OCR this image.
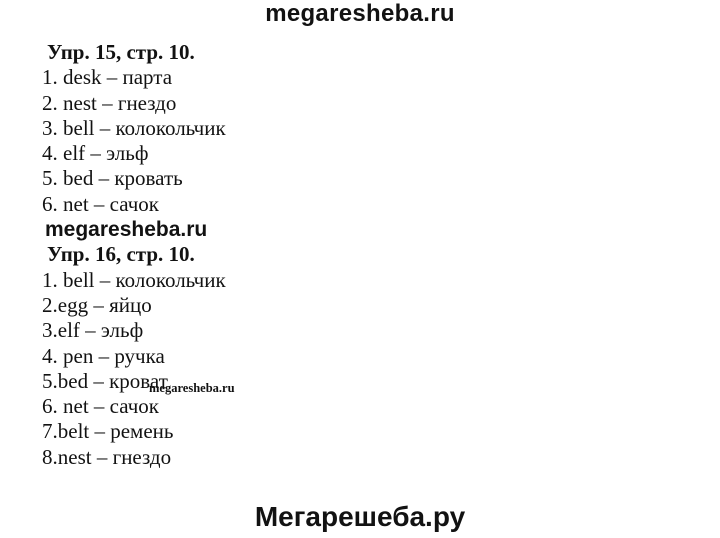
megaresheba.ru
Упр. 15, стр. 10.
1. desk – парта
2. nest – гнездо
3. bell – колокольчик
4. elf – эльф
5. bed – кровать
6. net – сачок
megaresheba.ru
Упр. 16, стр. 10.
1. bell – колокольчик
2.egg – яйцо
3.elf – эльф
4. pen – ручка
5.bed – кроват
6. net – сачок
7.belt – ремень
8.nest – гнездо
megaresheba.ru
Мегарешеба.ру
